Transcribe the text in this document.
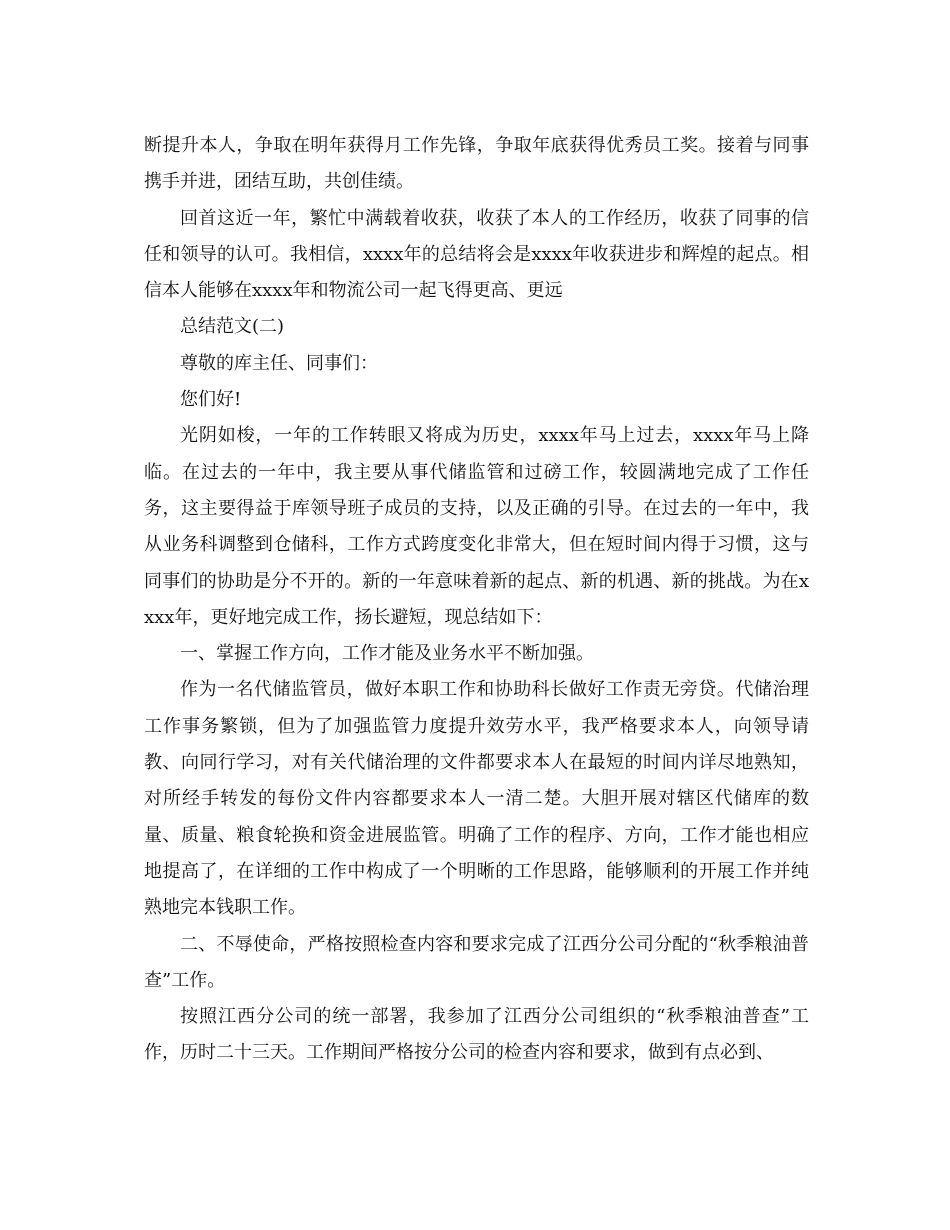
断提升本人，争取在明年获得月工作先锋，争取年底获得优秀员工奖。接着与同事携手并进，团结互助，共创佳绩。

回首这近一年，繁忙中满载着收获，收获了本人的工作经历，收获了同事的信任和领导的认可。我相信，xxxx年的总结将会是xxxx年收获进步和辉煌的起点。相信本人能够在xxxx年和物流公司一起飞得更高、更远

总结范文(二)

尊敬的库主任、同事们：

您们好!

光阴如梭，一年的工作转眼又将成为历史，xxxx年马上过去，xxxx年马上降临。在过去的一年中，我主要从事代储监管和过磅工作，较圆满地完成了工作任务，这主要得益于库领导班子成员的支持，以及正确的引导。在过去的一年中，我从业务科调整到仓储科，工作方式跨度变化非常大，但在短时间内得于习惯，这与同事们的协助是分不开的。新的一年意味着新的起点、新的机遇、新的挑战。为在xxxx年，更好地完成工作，扬长避短，现总结如下：

一、掌握工作方向，工作才能及业务水平不断加强。

作为一名代储监管员，做好本职工作和协助科长做好工作责无旁贷。代储治理工作事务繁锁，但为了加强监管力度提升效劳水平，我严格要求本人，向领导请教、向同行学习，对有关代储治理的文件都要求本人在最短的时间内详尽地熟知，对所经手转发的每份文件内容都要求本人一清二楚。大胆开展对辖区代储库的数量、质量、粮食轮换和资金进展监管。明确了工作的程序、方向，工作才能也相应地提高了，在详细的工作中构成了一个明晰的工作思路，能够顺利的开展工作并纯熟地完本钱职工作。

二、不辱使命，严格按照检查内容和要求完成了江西分公司分配的“秋季粮油普查”工作。

按照江西分公司的统一部署，我参加了江西分公司组织的“秋季粮油普查”工作，历时二十三天。工作期间严格按分公司的检查内容和要求，做到有点必到、
